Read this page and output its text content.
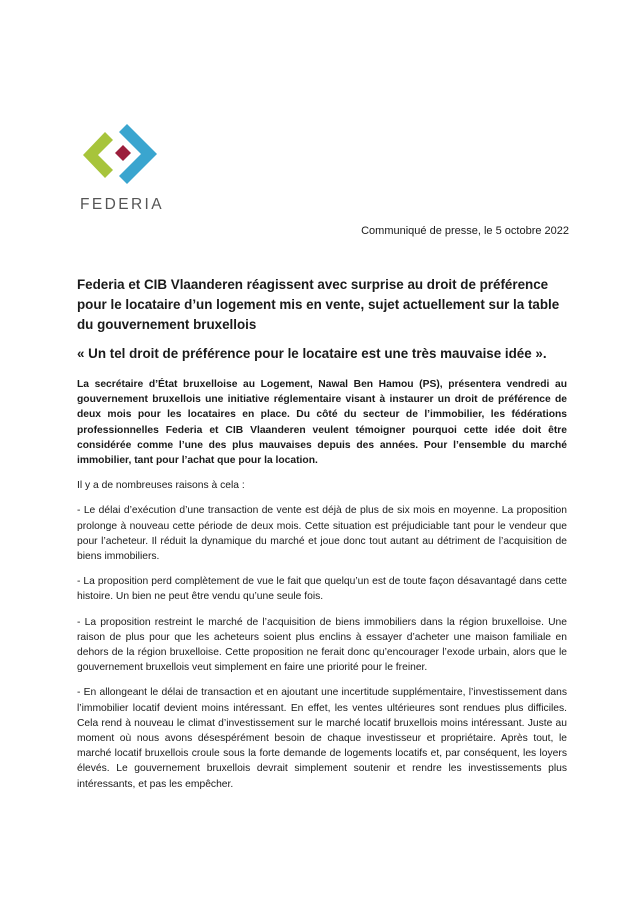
FEDERIA
Communiqué de presse, le 5 octobre 2022

Federia et CIB Vlaanderen réagissent avec surprise au droit de préférence pour le locataire d’un logement mis en vente, sujet actuellement sur la table du gouvernement bruxellois

« Un tel droit de préférence pour le locataire est une très mauvaise idée ».

La secrétaire d’État bruxelloise au Logement, Nawal Ben Hamou (PS), présentera vendredi au gouvernement bruxellois une initiative réglementaire visant à instaurer un droit de préférence de deux mois pour les locataires en place. Du côté du secteur de l’immobilier, les fédérations professionnelles Federia et CIB Vlaanderen veulent témoigner pourquoi cette idée doit être considérée comme l’une des plus mauvaises depuis des années. Pour l’ensemble du marché immobilier, tant pour l’achat que pour la location.

Il y a de nombreuses raisons à cela :

- Le délai d’exécution d’une transaction de vente est déjà de plus de six mois en moyenne. La proposition prolonge à nouveau cette période de deux mois. Cette situation est préjudiciable tant pour le vendeur que pour l’acheteur. Il réduit la dynamique du marché et joue donc tout autant au détriment de l’acquisition de biens immobiliers.

- La proposition perd complètement de vue le fait que quelqu’un est de toute façon désavantagé dans cette histoire. Un bien ne peut être vendu qu’une seule fois.

- La proposition restreint le marché de l’acquisition de biens immobiliers dans la région bruxelloise. Une raison de plus pour que les acheteurs soient plus enclins à essayer d’acheter une maison familiale en dehors de la région bruxelloise. Cette proposition ne ferait donc qu’encourager l’exode urbain, alors que le gouvernement bruxellois veut simplement en faire une priorité pour le freiner.

- En allongeant le délai de transaction et en ajoutant une incertitude supplémentaire, l’investissement dans l’immobilier locatif devient moins intéressant. En effet, les ventes ultérieures sont rendues plus difficiles. Cela rend à nouveau le climat d’investissement sur le marché locatif bruxellois moins intéressant. Juste au moment où nous avons désespérément besoin de chaque investisseur et propriétaire. Après tout, le marché locatif bruxellois croule sous la forte demande de logements locatifs et, par conséquent, les loyers élevés. Le gouvernement bruxellois devrait simplement soutenir et rendre les investissements plus intéressants, et pas les empêcher.
